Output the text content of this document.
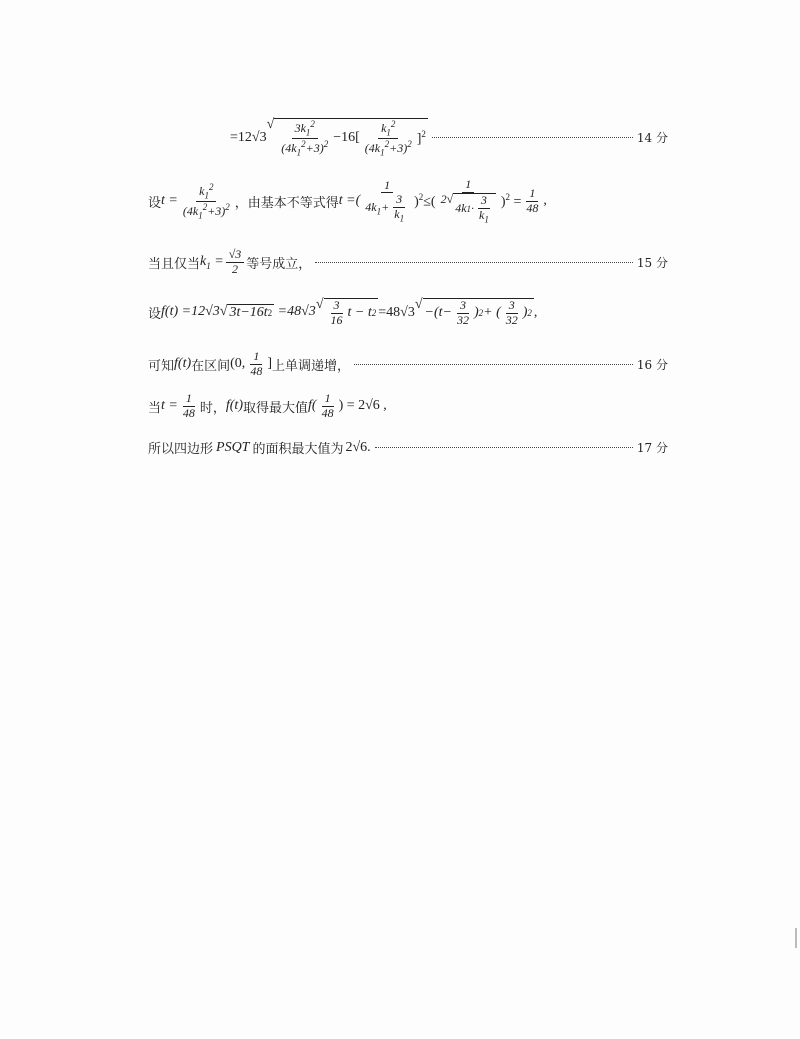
=12√3
√ $\frac{3k_1^2}{(4k_1^2+3)^2} -16[ \frac{k_1^2}{(4k_1^2+3)^2} ]^2$	14 分
设 $t = \frac{k_1^2}{(4k_1^2+3)^2}$ ，由基本不等式得 t =( $\frac{1}{4k_1+ \frac{3}{k_1}} )^2\le$( 1
2 √
4 k $1 \cdot \frac{3}{k_1} )^2 = \frac{1}{48}$ ,
当且仅当 $k_1 = \frac{√3}{2}$ 等号成立，	15 分
设 f(t) =12√3 √ 3t−16t 2 =48√3 √ $\frac{3}{16}$ t − t 2 =48√3
√
−( $t - \frac{3}{32}$ ) 2 + ( $\frac{3}{32}$ ) 2 ,
可知 f(t) 在区间 (0, $\frac{1}{48}$ ] 上单调递增，	16 分
当 $t = \frac{1}{48}$ 时， f(t) 取得最大值 $f( \frac{1}{48}$ ) = 2√6 ,
所以四边形 PSQT 的面积最大值为 2√6 .	17 分
